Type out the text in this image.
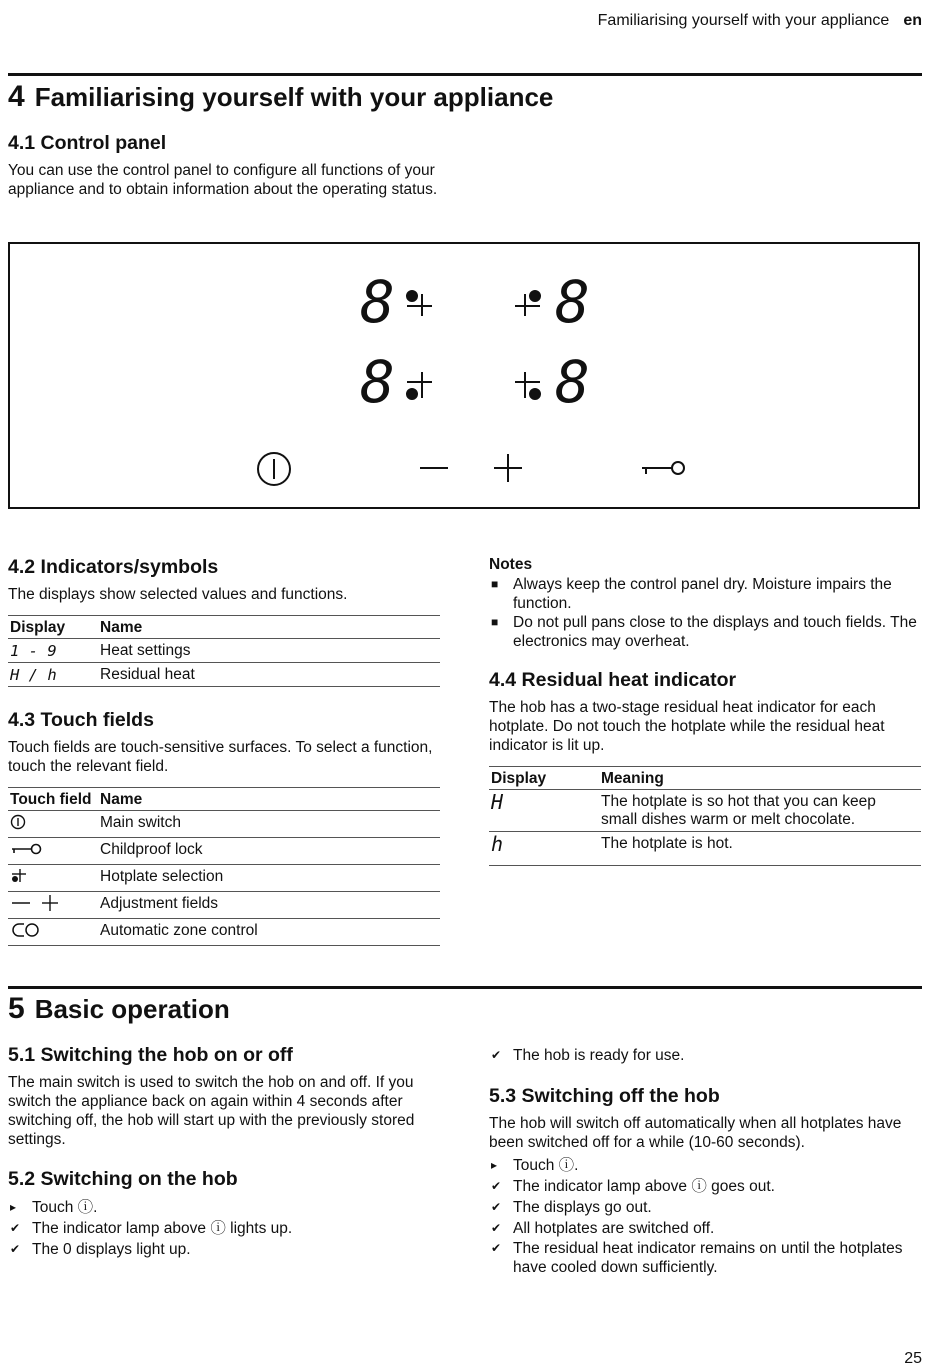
Familiarising yourself with your appliance en
4 Familiarising yourself with your appliance
4.1 Control panel
You can use the control panel to configure all functions of your appliance and to obtain information about the operating status.
8	8
8	8
4.2 Indicators/symbols
The displays show selected values and functions.
Display	Name
1 - 9	Heat settings
H / h	Residual heat
4.3 Touch fields
Touch fields are touch-sensitive surfaces. To select a function, touch the relevant field.
Touch field	Name
	Main switch
	Childproof lock
	Hotplate selection
	Adjustment fields
	Automatic zone control
Notes
■ Always keep the control panel dry. Moisture impairs the function.
■ Do not pull pans close to the displays and touch fields. The electronics may overheat.
4.4 Residual heat indicator
The hob has a two-stage residual heat indicator for each hotplate. Do not touch the hotplate while the residual heat indicator is lit up.
Display	Meaning
H	The hotplate is so hot that you can keep small dishes warm or melt chocolate.
h	The hotplate is hot.
5 Basic operation
5.1 Switching the hob on or off
The main switch is used to switch the hob on and off. If you switch the appliance back on again within 4 seconds after switching off, the hob will start up with the previously stored settings.
5.2 Switching on the hob
▸ Touch ⓘ.
✔ The indicator lamp above ⓘ lights up.
✔ The 0 displays light up.
✔ The hob is ready for use.
5.3 Switching off the hob
The hob will switch off automatically when all hotplates have been switched off for a while (10-60 seconds).
▸ Touch ⓘ.
✔ The indicator lamp above ⓘ goes out.
✔ The displays go out.
✔ All hotplates are switched off.
✔ The residual heat indicator remains on until the hotplates have cooled down sufficiently.
25
